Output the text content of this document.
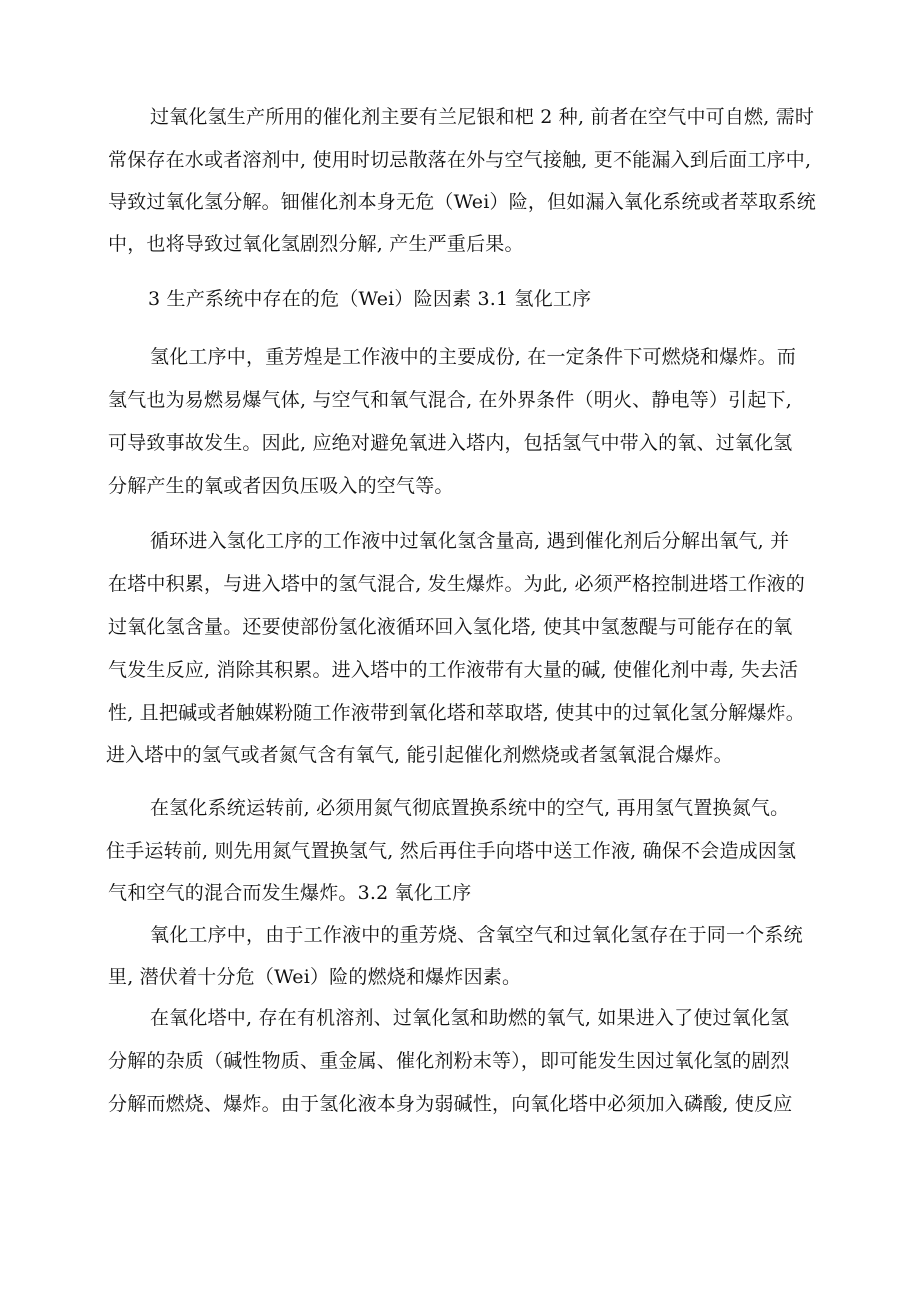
过氧化氢生产所用的催化剂主要有兰尼银和杷 2 种, 前者在空气中可自燃, 需时
常保存在水或者溶剂中, 使用时切忌散落在外与空气接触, 更不能漏入到后面工序中,
导致过氧化氢分解。钿催化剂本身无危（Wei）险，但如漏入氧化系统或者萃取系统
中，也将导致过氧化氢剧烈分解, 产生严重后果。
3 生产系统中存在的危（Wei）险因素 3.1 氢化工序
氢化工序中，重芳煌是工作液中的主要成份, 在一定条件下可燃烧和爆炸。而
氢气也为易燃易爆气体, 与空气和氧气混合, 在外界条件（明火、静电等）引起下,
可导致事故发生。因此, 应绝对避免氧进入塔内，包括氢气中带入的氧、过氧化氢
分解产生的氧或者因负压吸入的空气等。
循环进入氢化工序的工作液中过氧化氢含量高, 遇到催化剂后分解出氧气, 并
在塔中积累，与进入塔中的氢气混合, 发生爆炸。为此, 必须严格控制进塔工作液的
过氧化氢含量。还要使部份氢化液循环回入氢化塔, 使其中氢葱醍与可能存在的氧
气发生反应, 消除其积累。进入塔中的工作液带有大量的碱, 使催化剂中毒, 失去活
性, 且把碱或者触媒粉随工作液带到氧化塔和萃取塔, 使其中的过氧化氢分解爆炸。
进入塔中的氢气或者氮气含有氧气, 能引起催化剂燃烧或者氢氧混合爆炸。
在氢化系统运转前, 必须用氮气彻底置换系统中的空气, 再用氢气置换氮气。
住手运转前, 则先用氮气置换氢气, 然后再住手向塔中送工作液, 确保不会造成因氢
气和空气的混合而发生爆炸。3.2 氧化工序
氧化工序中，由于工作液中的重芳烧、含氧空气和过氧化氢存在于同一个系统
里, 潜伏着十分危（Wei）险的燃烧和爆炸因素。
在氧化塔中, 存在有机溶剂、过氧化氢和助燃的氧气, 如果进入了使过氧化氢
分解的杂质（碱性物质、重金属、催化剂粉末等），即可能发生因过氧化氢的剧烈
分解而燃烧、爆炸。由于氢化液本身为弱碱性，向氧化塔中必须加入磷酸, 使反应
